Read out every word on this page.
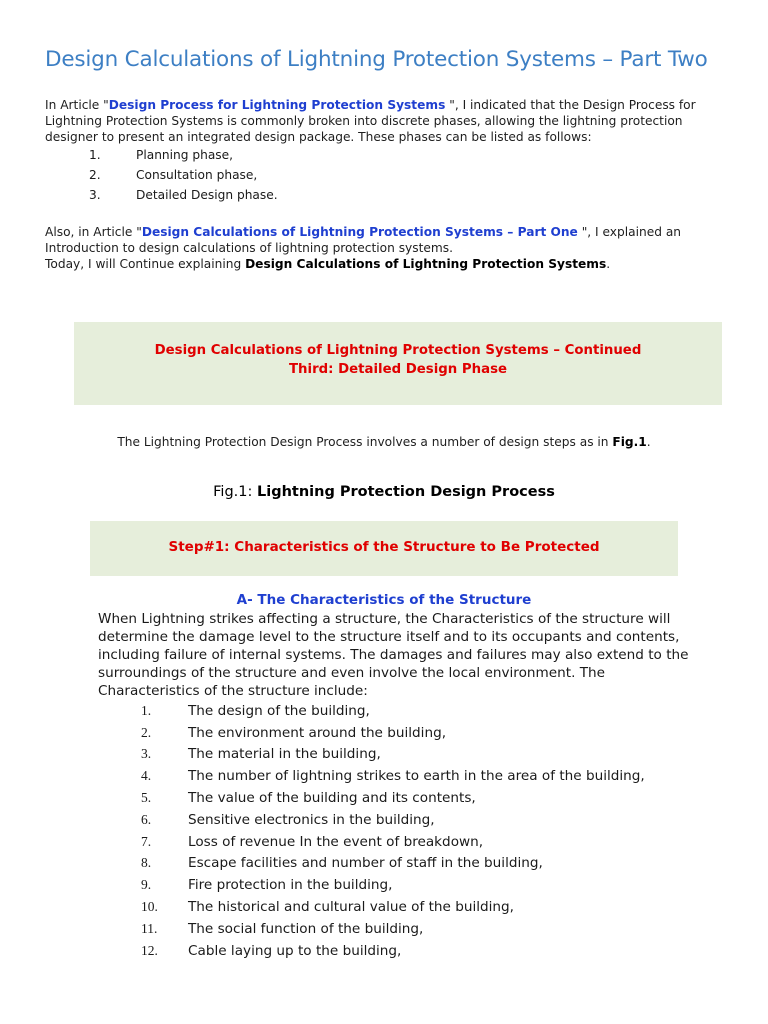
Design Calculations of Lightning Protection Systems – Part Two
In Article "Design Process for Lightning Protection Systems ", I indicated that the Design Process for Lightning Protection Systems is commonly broken into discrete phases, allowing the lightning protection designer to present an integrated design package. These phases can be listed as follows:
1.	Planning phase,
2.	Consultation phase,
3.	Detailed Design phase.
Also, in Article "Design Calculations of Lightning Protection Systems – Part One ", I explained an Introduction to design calculations of lightning protection systems.
Today, I will Continue explaining Design Calculations of Lightning Protection Systems.
Design Calculations of Lightning Protection Systems – Continued
Third: Detailed Design Phase
The Lightning Protection Design Process involves a number of design steps as in Fig.1.
Fig.1: Lightning Protection Design Process
Step#1: Characteristics of the Structure to Be Protected
A- The Characteristics of the Structure
When Lightning strikes affecting a structure, the Characteristics of the structure will determine the damage level to the structure itself and to its occupants and contents, including failure of internal systems. The damages and failures may also extend to the surroundings of the structure and even involve the local environment. The Characteristics of the structure include:
1.	The design of the building,
2.	The environment around the building,
3.	The material in the building,
4.	The number of lightning strikes to earth in the area of the building,
5.	The value of the building and its contents,
6.	Sensitive electronics in the building,
7.	Loss of revenue In the event of breakdown,
8.	Escape facilities and number of staff in the building,
9.	Fire protection in the building,
10.	The historical and cultural value of the building,
11.	The social function of the building,
12.	Cable laying up to the building,
